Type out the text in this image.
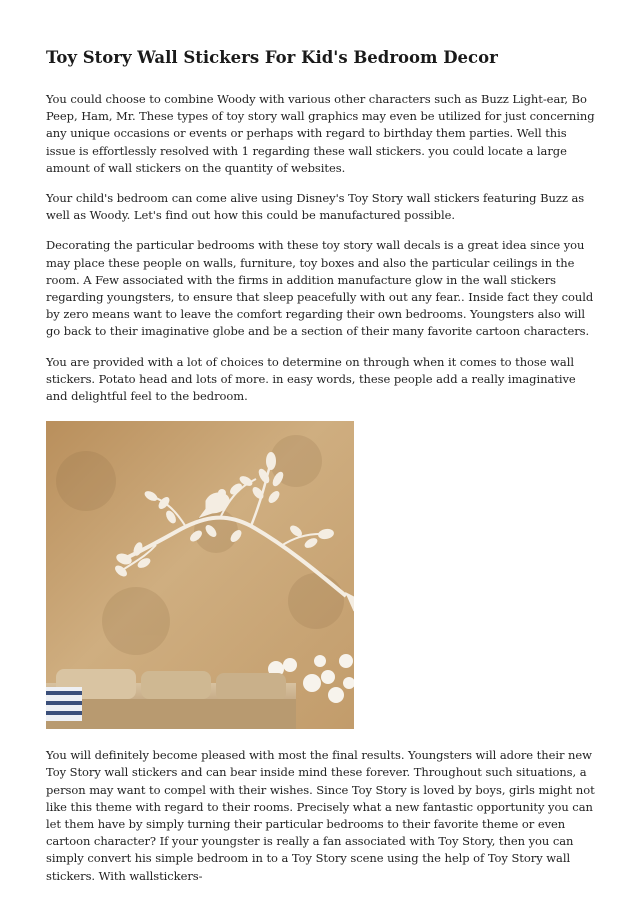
Toy Story Wall Stickers For Kid's Bedroom Decor

You could choose to combine Woody with various other characters such as Buzz Light-ear, Bo Peep, Ham, Mr. These types of toy story wall graphics may even be utilized for just concerning any unique occasions or events or perhaps with regard to birthday them parties. Well this issue is effortlessly resolved with 1 regarding these wall stickers. you could locate a large amount of wall stickers on the quantity of websites.

Your child's bedroom can come alive using Disney's Toy Story wall stickers featuring Buzz as well as Woody. Let's find out how this could be manufactured possible.

Decorating the particular bedrooms with these toy story wall decals is a great idea since you may place these people on walls, furniture, toy boxes and also the particular ceilings in the room. A Few associated with the firms in addition manufacture glow in the wall stickers regarding youngsters, to ensure that sleep peacefully with out any fear.. Inside fact they could by zero means want to leave the comfort regarding their own bedrooms. Youngsters also will go back to their imaginative globe and be a section of their many favorite cartoon characters.

You are provided with a lot of choices to determine on through when it comes to those wall stickers. Potato head and lots of more. in easy words, these people add a really imaginative and delightful feel to the bedroom.

You will definitely become pleased with most the final results. Youngsters will adore their new Toy Story wall stickers and can bear inside mind these forever. Throughout such situations, a person may want to compel with their wishes. Since Toy Story is loved by boys, girls might not like this theme with regard to their rooms. Precisely what a new fantastic opportunity you can let them have by simply turning their particular bedrooms to their favorite theme or even cartoon character? If your youngster is really a fan associated with Toy Story, then you can simply convert his simple bedroom in to a Toy Story scene using the help of Toy Story wall stickers. With wallstickers-
